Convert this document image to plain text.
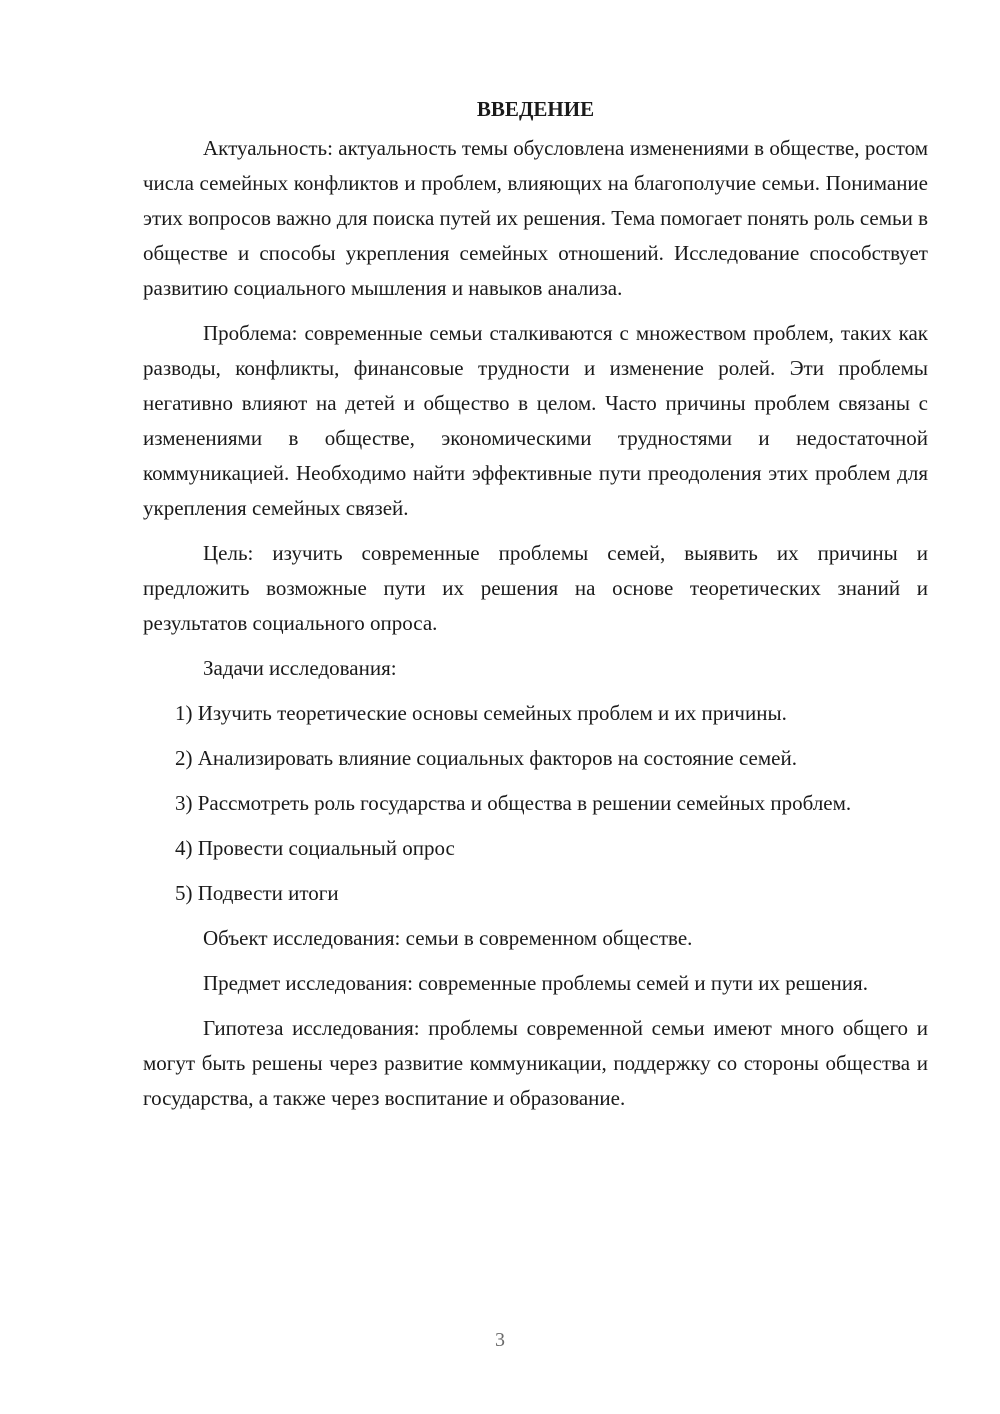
ВВЕДЕНИЕ

Актуальность: актуальность темы обусловлена изменениями в обществе, ростом числа семейных конфликтов и проблем, влияющих на благополучие семьи. Понимание этих вопросов важно для поиска путей их решения. Тема помогает понять роль семьи в обществе и способы укрепления семейных отношений. Исследование способствует развитию социального мышления и навыков анализа.

Проблема: современные семьи сталкиваются с множеством проблем, таких как разводы, конфликты, финансовые трудности и изменение ролей. Эти проблемы негативно влияют на детей и общество в целом. Часто причины проблем связаны с изменениями в обществе, экономическими трудностями и недостаточной коммуникацией. Необходимо найти эффективные пути преодоления этих проблем для укрепления семейных связей.

Цель: изучить современные проблемы семей, выявить их причины и предложить возможные пути их решения на основе теоретических знаний и результатов социального опроса.

Задачи исследования:

1) Изучить теоретические основы семейных проблем и их причины.

2) Анализировать влияние социальных факторов на состояние семей.

3) Рассмотреть роль государства и общества в решении семейных проблем.

4) Провести социальный опрос

5) Подвести итоги

Объект исследования: семьи в современном обществе.

Предмет исследования: современные проблемы семей и пути их решения.

Гипотеза исследования: проблемы современной семьи имеют много общего и могут быть решены через развитие коммуникации, поддержку со стороны общества и государства, а также через воспитание и образование.

3
